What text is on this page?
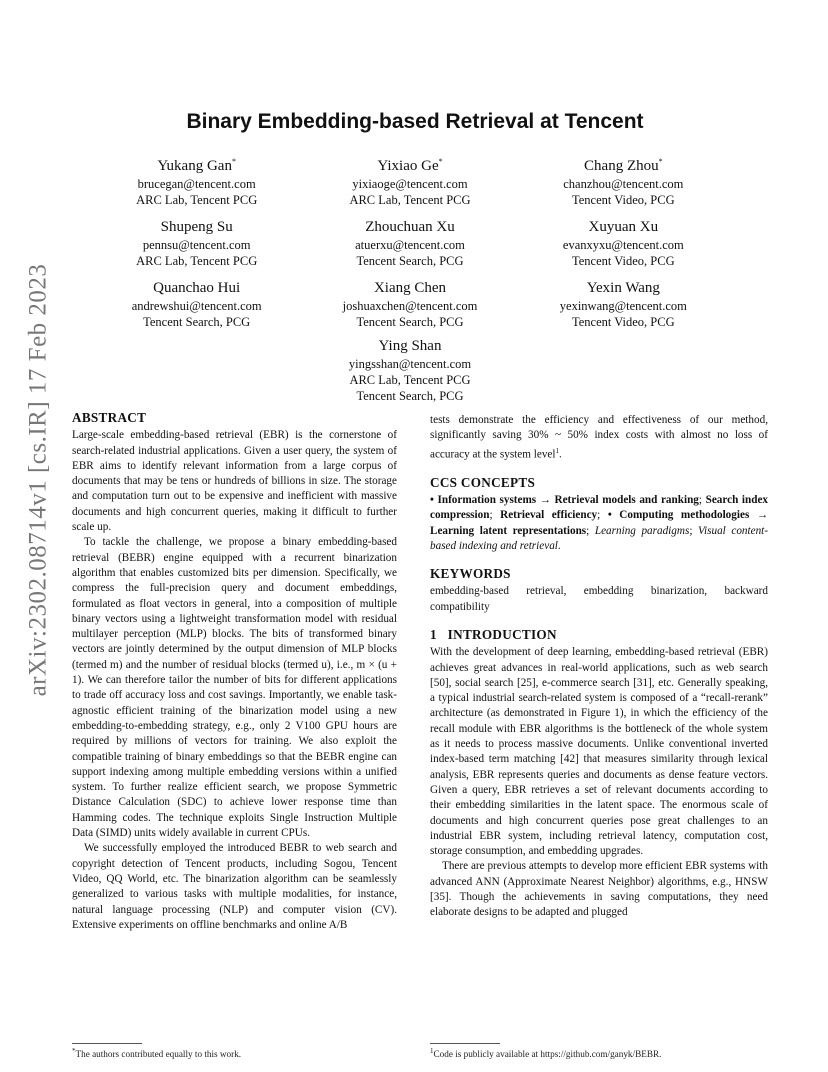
arXiv:2302.08714v1 [cs.IR] 17 Feb 2023
Binary Embedding-based Retrieval at Tencent
Yukang Gan*
brucegan@tencent.com
ARC Lab, Tencent PCG
Yixiao Ge*
yixiaoge@tencent.com
ARC Lab, Tencent PCG
Chang Zhou*
chanzhou@tencent.com
Tencent Video, PCG
Shupeng Su
pennsu@tencent.com
ARC Lab, Tencent PCG
Zhouchuan Xu
atuerxu@tencent.com
Tencent Search, PCG
Xuyuan Xu
evanxyxu@tencent.com
Tencent Video, PCG
Quanchao Hui
andrewshui@tencent.com
Tencent Search, PCG
Xiang Chen
joshuaxchen@tencent.com
Tencent Search, PCG
Yexin Wang
yexinwang@tencent.com
Tencent Video, PCG
Ying Shan
yingsshan@tencent.com
ARC Lab, Tencent PCG
Tencent Search, PCG
ABSTRACT

Large-scale embedding-based retrieval (EBR) is the cornerstone of search-related industrial applications. Given a user query, the system of EBR aims to identify relevant information from a large corpus of documents that may be tens or hundreds of billions in size. The storage and computation turn out to be expensive and inefficient with massive documents and high concurrent queries, making it difficult to further scale up.

To tackle the challenge, we propose a binary embedding-based retrieval (BEBR) engine equipped with a recurrent binarization algorithm that enables customized bits per dimension. Specifically, we compress the full-precision query and document embeddings, formulated as float vectors in general, into a composition of multiple binary vectors using a lightweight transformation model with residual multilayer perception (MLP) blocks. The bits of transformed binary vectors are jointly determined by the output dimension of MLP blocks (termed m) and the number of residual blocks (termed u), i.e., m × (u + 1). We can therefore tailor the number of bits for different applications to trade off accuracy loss and cost savings. Importantly, we enable task-agnostic efficient training of the binarization model using a new embedding-to-embedding strategy, e.g., only 2 V100 GPU hours are required by millions of vectors for training. We also exploit the compatible training of binary embeddings so that the BEBR engine can support indexing among multiple embedding versions within a unified system. To further realize efficient search, we propose Symmetric Distance Calculation (SDC) to achieve lower response time than Hamming codes. The technique exploits Single Instruction Multiple Data (SIMD) units widely available in current CPUs.

We successfully employed the introduced BEBR to web search and copyright detection of Tencent products, including Sogou, Tencent Video, QQ World, etc. The binarization algorithm can be seamlessly generalized to various tasks with multiple modalities, for instance, natural language processing (NLP) and computer vision (CV). Extensive experiments on offline benchmarks and online A/B

tests demonstrate the efficiency and effectiveness of our method, significantly saving 30% ~ 50% index costs with almost no loss of accuracy at the system level$^1$.

CCS CONCEPTS

• Information systems → Retrieval models and ranking; Search index compression; Retrieval efficiency; • Computing methodologies → Learning latent representations; Learning paradigms; Visual content-based indexing and retrieval.

KEYWORDS

embedding-based retrieval, embedding binarization, backward compatibility

1   INTRODUCTION

With the development of deep learning, embedding-based retrieval (EBR) achieves great advances in real-world applications, such as web search [50], social search [25], e-commerce search [31], etc. Generally speaking, a typical industrial search-related system is composed of a “recall-rerank” architecture (as demonstrated in Figure 1), in which the efficiency of the recall module with EBR algorithms is the bottleneck of the whole system as it needs to process massive documents. Unlike conventional inverted index-based term matching [42] that measures similarity through lexical analysis, EBR represents queries and documents as dense feature vectors. Given a query, EBR retrieves a set of relevant documents according to their embedding similarities in the latent space. The enormous scale of documents and high concurrent queries pose great challenges to an industrial EBR system, including retrieval latency, computation cost, storage consumption, and embedding upgrades.

There are previous attempts to develop more efficient EBR systems with advanced ANN (Approximate Nearest Neighbor) algorithms, e.g., HNSW [35]. Though the achievements in saving computations, they need elaborate designs to be adapted and plugged

*The authors contributed equally to this work.	$^1$Code is publicly available at https://github.com/ganyk/BEBR.
